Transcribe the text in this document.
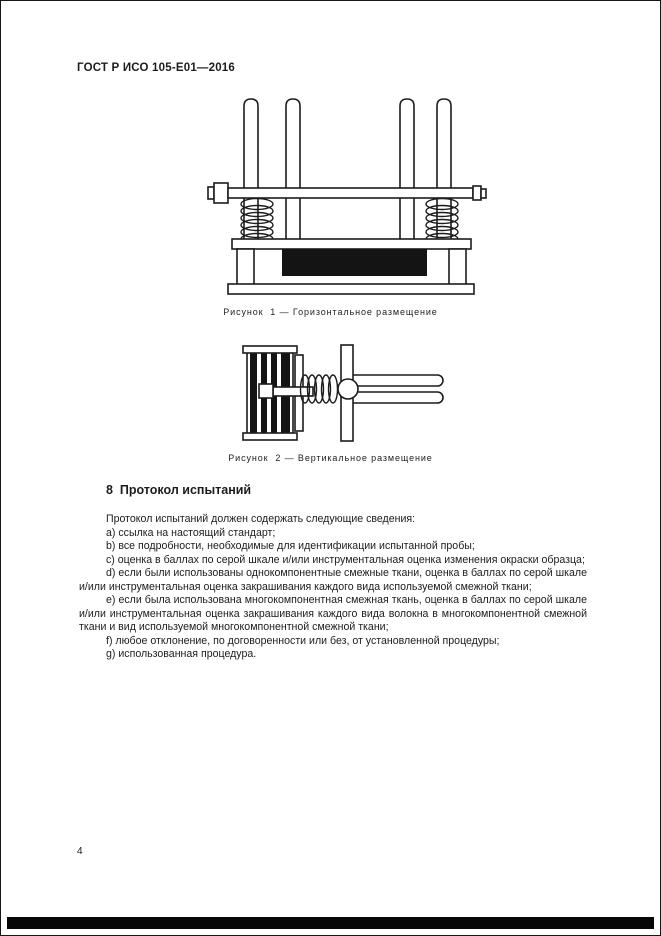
ГОСТ Р ИСО 105-Е01—2016
Рисунок  1 — Горизонтальное размещение
Рисунок  2 — Вертикальное размещение
8  Протокол испытаний

Протокол испытаний должен содержать следующие сведения:

a) ссылка на настоящий стандарт;

b) все подробности, необходимые для идентификации испытанной пробы;

c) оценка в баллах по серой шкале и/или инструментальная оценка изменения окраски образца;

d) если были использованы однокомпонентные смежные ткани, оценка в баллах по серой шкале и/или инструментальная оценка закрашивания каждого вида используемой смежной ткани;

e) если была использована многокомпонентная смежная ткань, оценка в баллах по серой шкале и/или инструментальная оценка закрашивания каждого вида волокна в многокомпонентной смежной ткани и вид используемой многокомпонентной смежной ткани;

f) любое отклонение, по договоренности или без, от установленной процедуры;

g) использованная процедура.

4
